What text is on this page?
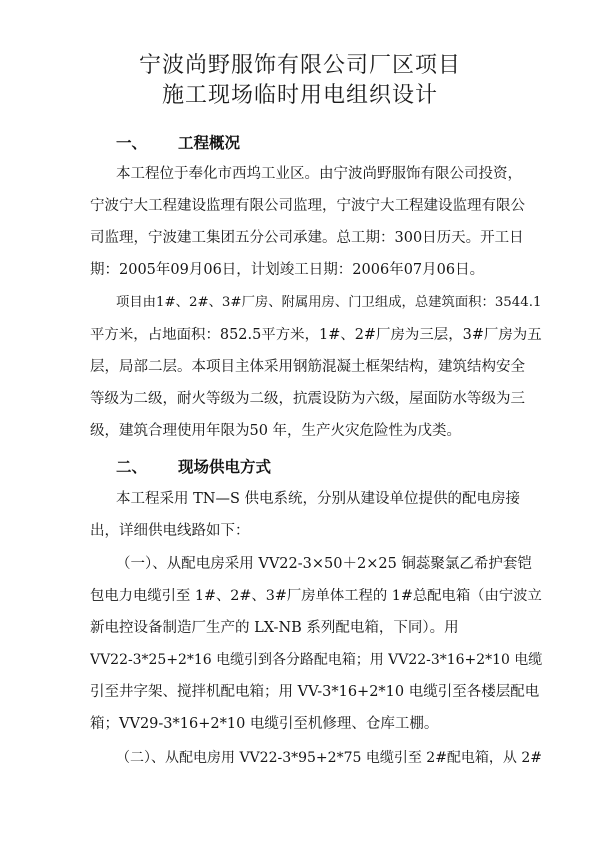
宁波尚野服饰有限公司厂区项目
施工现场临时用电组织设计
一、 工程概况
本工程位于奉化市西坞工业区。由宁波尚野服饰有限公司投资，
宁波宁大工程建设监理有限公司监理，宁波宁大工程建设监理有限公
司监理，宁波建工集团五分公司承建。总工期：300日历天。开工日
期：2005年09月06日，计划竣工日期：2006年07月06日。
项目由1#、2#、3#厂房、附属用房、门卫组成，总建筑面积：3544.1
平方米，占地面积：852.5平方米，1#、2#厂房为三层，3#厂房为五
层，局部二层。本项目主体采用钢筋混凝土框架结构，建筑结构安全
等级为二级，耐火等级为二级，抗震设防为六级，屋面防水等级为三
级，建筑合理使用年限为50 年，生产火灾危险性为戊类。
二、 现场供电方式
本工程采用 TN—S 供电系统，分别从建设单位提供的配电房接
出，详细供电线路如下：
（一）、从配电房采用 VV22-3×50＋2×25 铜蕊聚氯乙希护套铠
包电力电缆引至 1#、2#、3#厂房单体工程的 1#总配电箱（由宁波立
新电控设备制造厂生产的 LX-NB 系列配电箱，下同）。用
VV22-3*25+2*16 电缆引到各分路配电箱；用 VV22-3*16+2*10 电缆
引至井字架、搅拌机配电箱；用 VV-3*16+2*10 电缆引至各楼层配电
箱；VV29-3*16+2*10 电缆引至机修理、仓库工棚。
（二）、从配电房用 VV22-3*95+2*75 电缆引至 2#配电箱，从 2#
